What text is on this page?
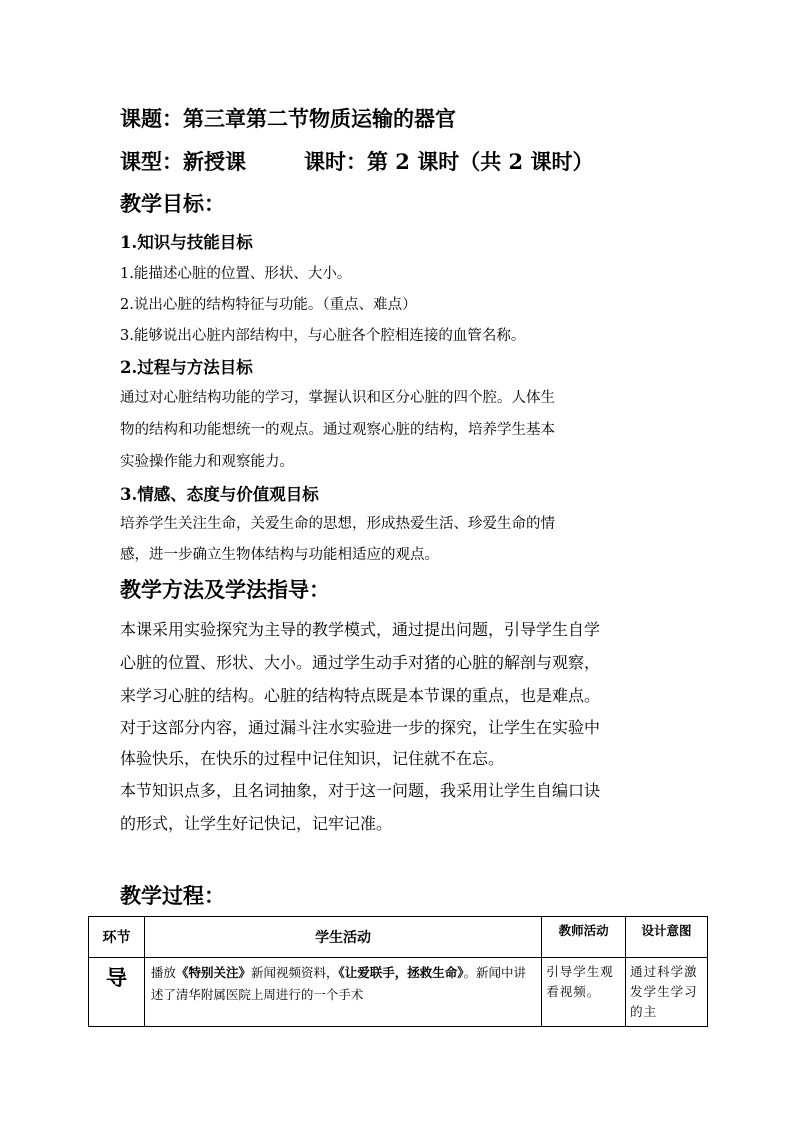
课题：第三章第二节物质运输的器官
课型：新授课	课时：第 2 课时（共 2 课时）
教学目标：
1.知识与技能目标
1.能描述心脏的位置、形状、大小。
2.说出心脏的结构特征与功能。（重点、难点）
3.能够说出心脏内部结构中，与心脏各个腔相连接的血管名称。
2.过程与方法目标
通过对心脏结构功能的学习，掌握认识和区分心脏的四个腔。人体生
物的结构和功能想统一的观点。通过观察心脏的结构，培养学生基本
实验操作能力和观察能力。
3.情感、态度与价值观目标
培养学生关注生命，关爱生命的思想，形成热爱生活、珍爱生命的情
感，进一步确立生物体结构与功能相适应的观点。
教学方法及学法指导：
本课采用实验探究为主导的教学模式，通过提出问题，引导学生自学
心脏的位置、形状、大小。通过学生动手对猪的心脏的解剖与观察，
来学习心脏的结构。心脏的结构特点既是本节课的重点，也是难点。
对于这部分内容，通过漏斗注水实验进一步的探究，让学生在实验中
体验快乐，在快乐的过程中记住知识，记住就不在忘。
本节知识点多，且名词抽象，对于这一问题，我采用让学生自编口诀
的形式，让学生好记快记，记牢记准。
教学过程：
环节	学生活动	教师活动	设计意图
导	播放《特别关注》新闻视频资料，《让爱联手，拯救生命》。新闻中讲述了清华附属医院上周进行的一个手术	引导学生观看视频。	通过科学激发学生学习的主
